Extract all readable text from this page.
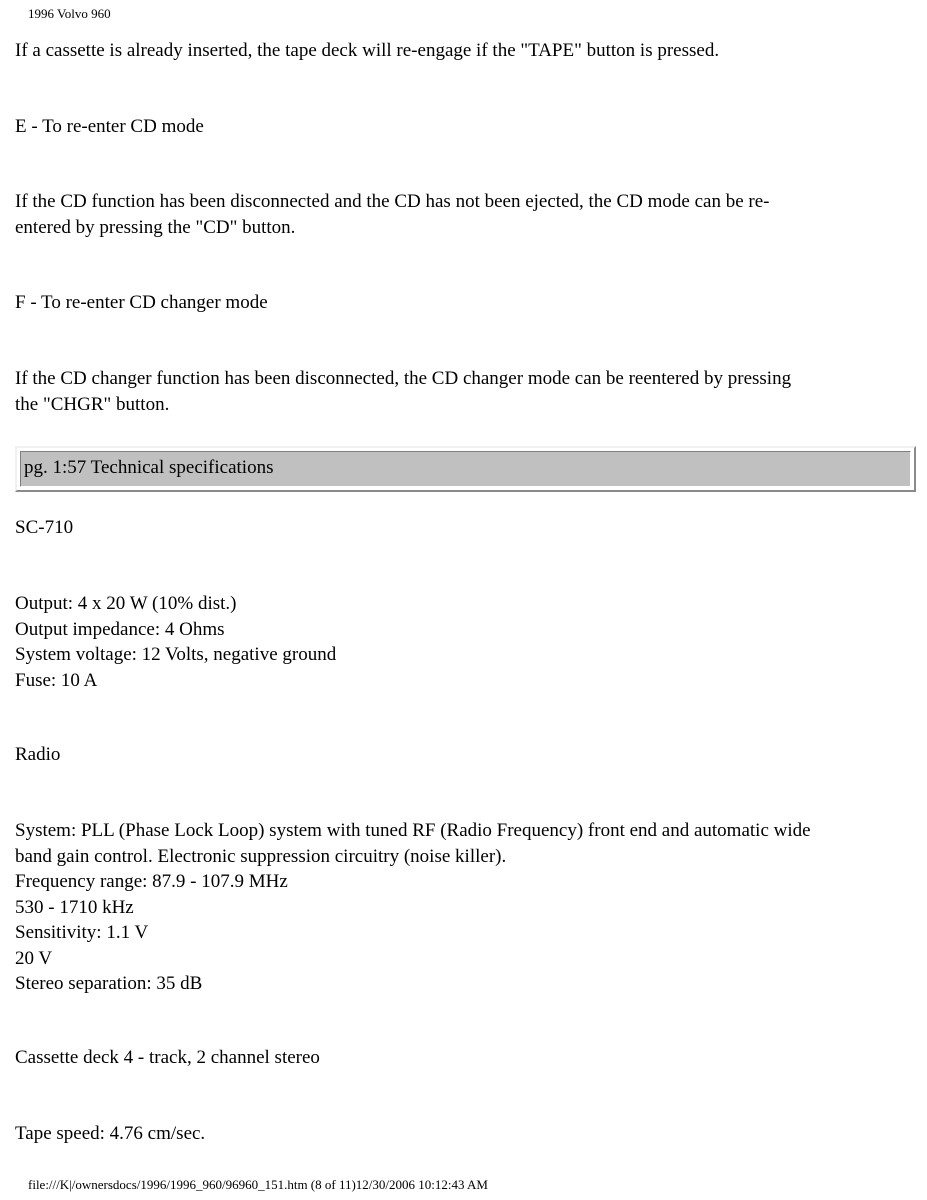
1996 Volvo 960

If a cassette is already inserted, the tape deck will re-engage if the "TAPE" button is pressed.

E - To re-enter CD mode

If the CD function has been disconnected and the CD has not been ejected, the CD mode can be re-
entered by pressing the "CD" button.

F - To re-enter CD changer mode

If the CD changer function has been disconnected, the CD changer mode can be reentered by pressing
the "CHGR" button.

pg. 1:57 Technical specifications

SC-710

Output: 4 x 20 W (10% dist.)
Output impedance: 4 Ohms
System voltage: 12 Volts, negative ground
Fuse: 10 A

Radio

System: PLL (Phase Lock Loop) system with tuned RF (Radio Frequency) front end and automatic wide
band gain control. Electronic suppression circuitry (noise killer).
Frequency range: 87.9 - 107.9 MHz
530 - 1710 kHz
Sensitivity: 1.1 V
20 V
Stereo separation: 35 dB

Cassette deck 4 - track, 2 channel stereo

Tape speed: 4.76 cm/sec.

file:///K|/ownersdocs/1996/1996_960/96960_151.htm (8 of 11)12/30/2006 10:12:43 AM
